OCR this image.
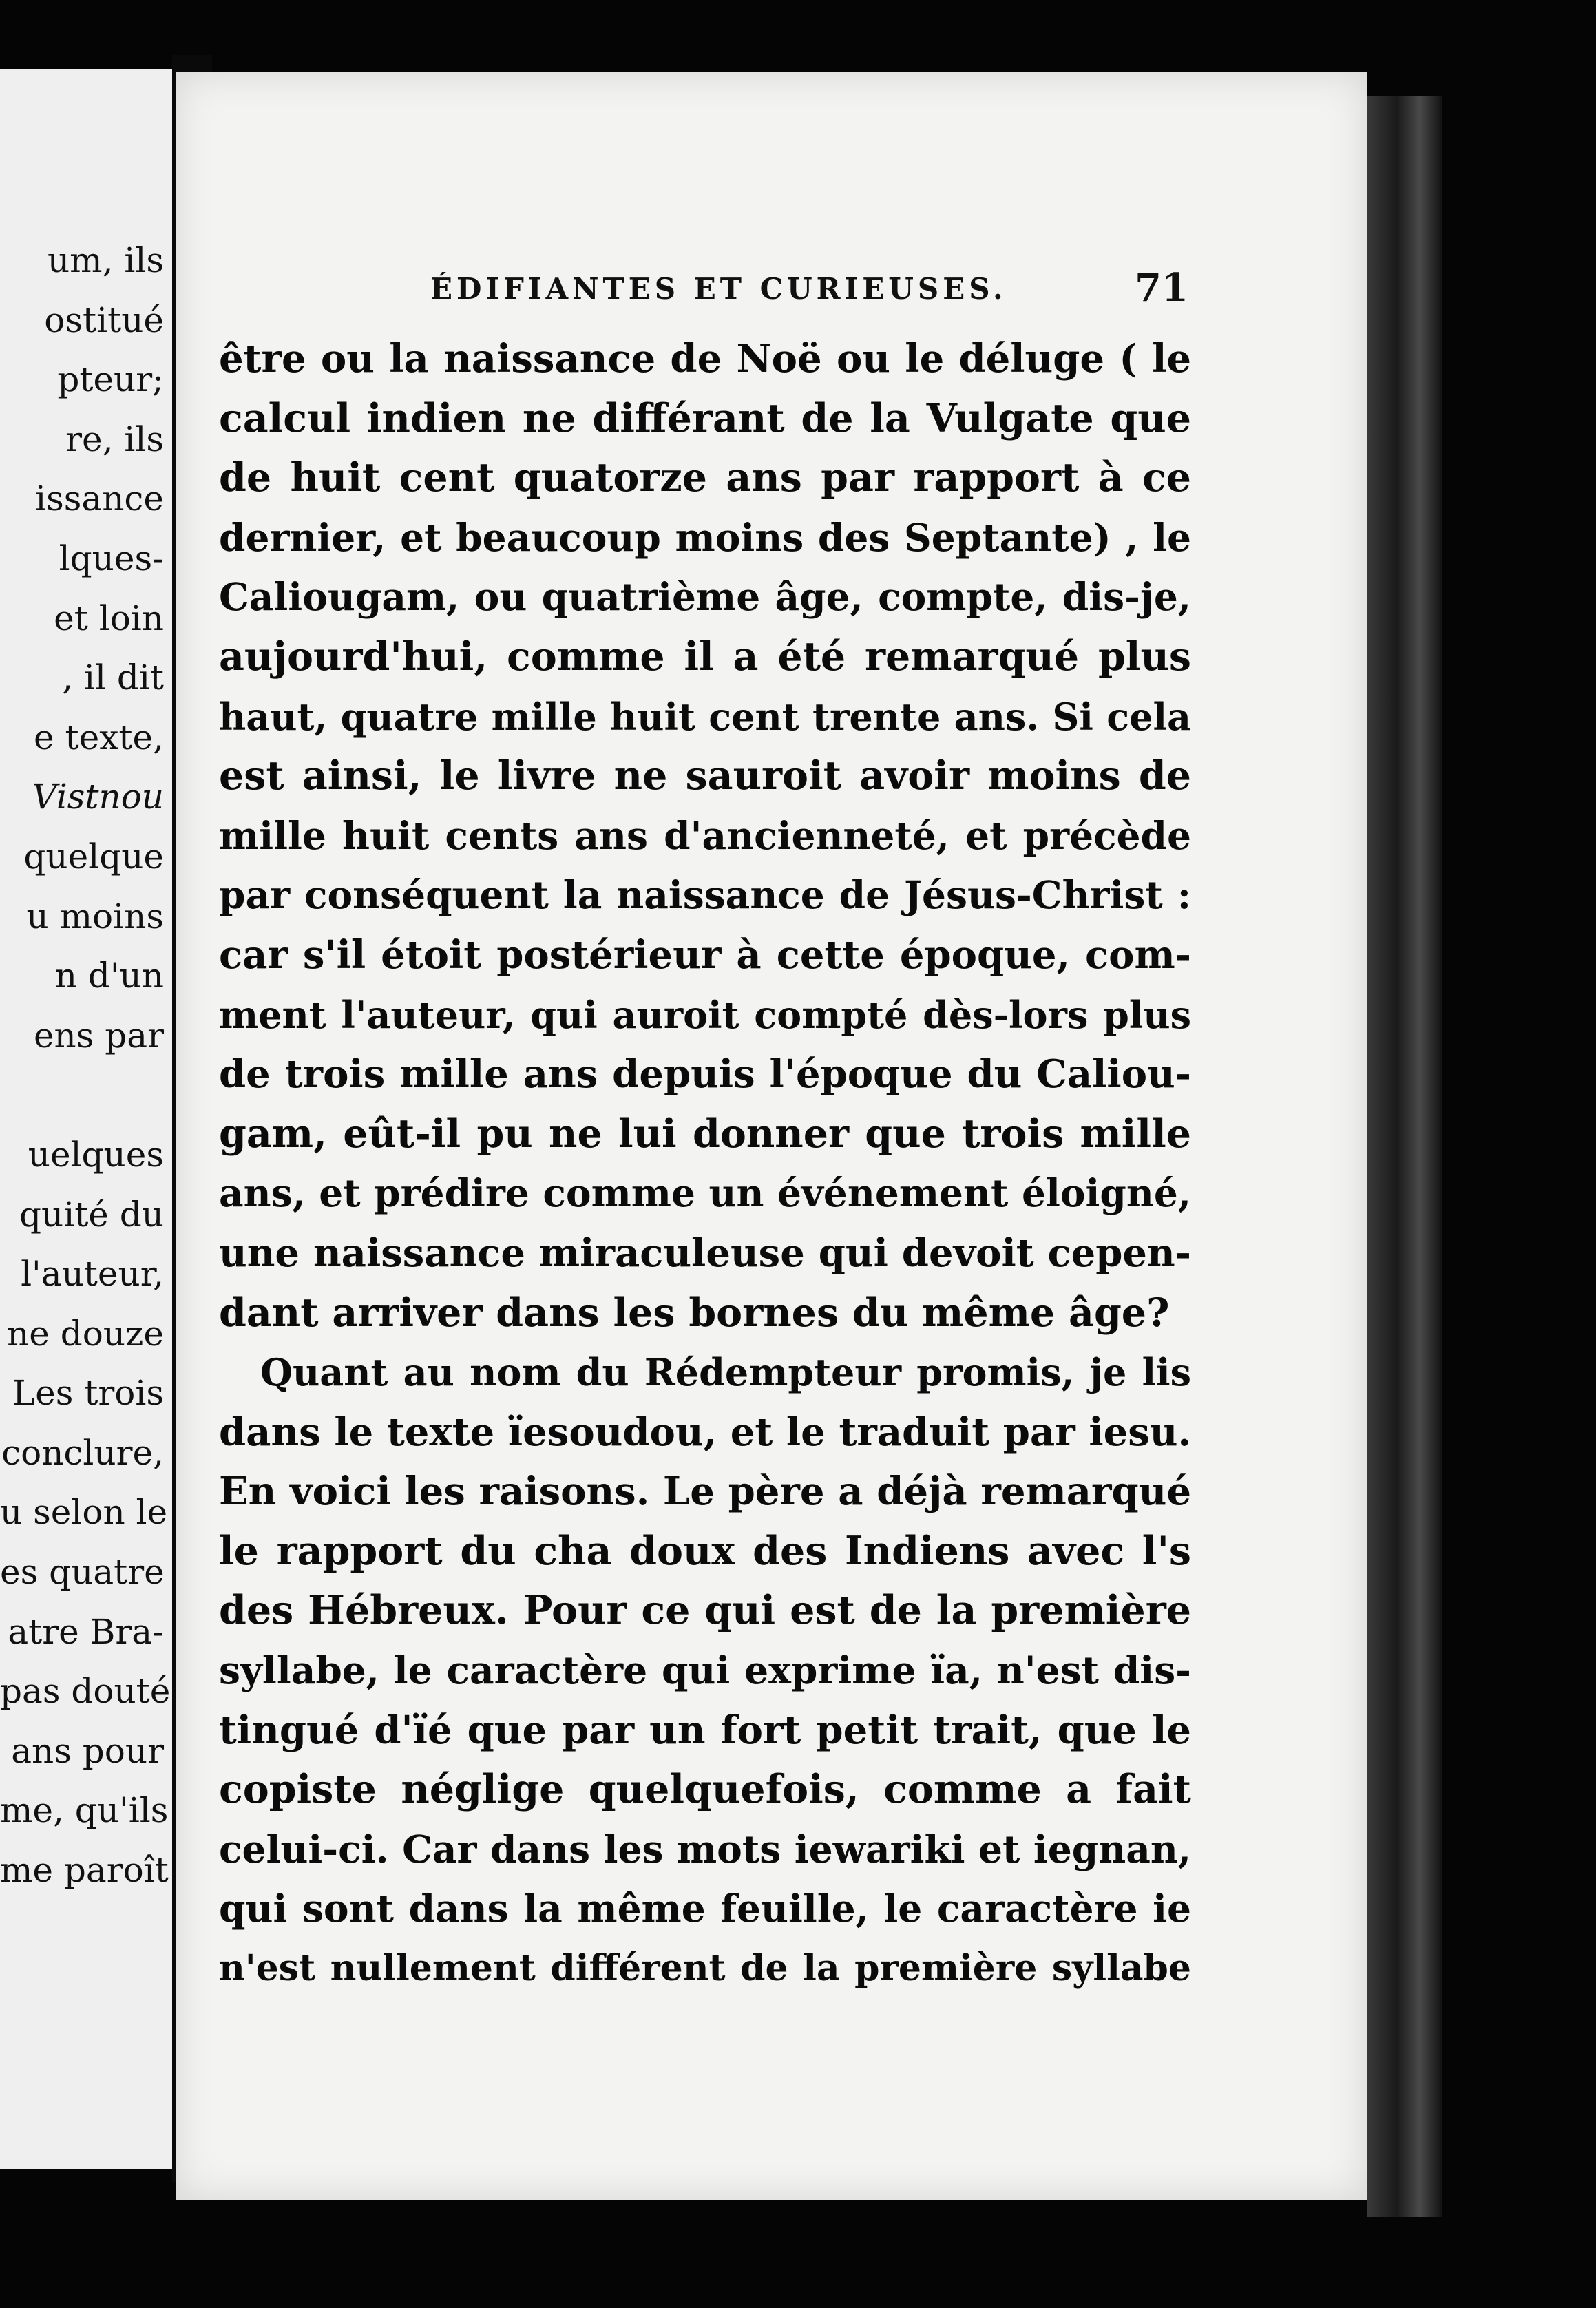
um, ils
ostitué
pteur;
re, ils
issance
lques-
et loin
, il dit
e texte,
Vistnou
quelque
u moins
n d'un
ens par
uelques
quité du
l'auteur,
ne douze
Les trois
conclure,
u selon le
es quatre
atre Bra-
pas douté
ans pour
me, qu'ils
me paroît
ÉDIFIANTES ET CURIEUSES.	71
être ou la naissance de Noë ou le déluge ( le
calcul indien ne différant de la Vulgate que
de huit cent quatorze ans par rapport à ce
dernier, et beaucoup moins des Septante) , le
Caliougam, ou quatrième âge, compte, dis-je,
aujourd'hui, comme il a été remarqué plus
haut, quatre mille huit cent trente ans. Si cela
est ainsi, le livre ne sauroit avoir moins de
mille huit cents ans d'ancienneté, et précède
par conséquent la naissance de Jésus-Christ :
car s'il étoit postérieur à cette époque, com-
ment l'auteur, qui auroit compté dès-lors plus
de trois mille ans depuis l'époque du Caliou-
gam, eût-il pu ne lui donner que trois mille
ans, et prédire comme un événement éloigné,
une naissance miraculeuse qui devoit cepen-
dant arriver dans les bornes du même âge?
Quant au nom du Rédempteur promis, je lis
dans le texte ïesoudou, et le traduit par iesu.
En voici les raisons. Le père a déjà remarqué
le rapport du cha doux des Indiens avec l's
des Hébreux. Pour ce qui est de la première
syllabe, le caractère qui exprime ïa, n'est dis-
tingué d'ïé que par un fort petit trait, que le
copiste néglige quelquefois, comme a fait
celui-ci. Car dans les mots iewariki et iegnan,
qui sont dans la même feuille, le caractère ie
n'est nullement différent de la première syllabe
